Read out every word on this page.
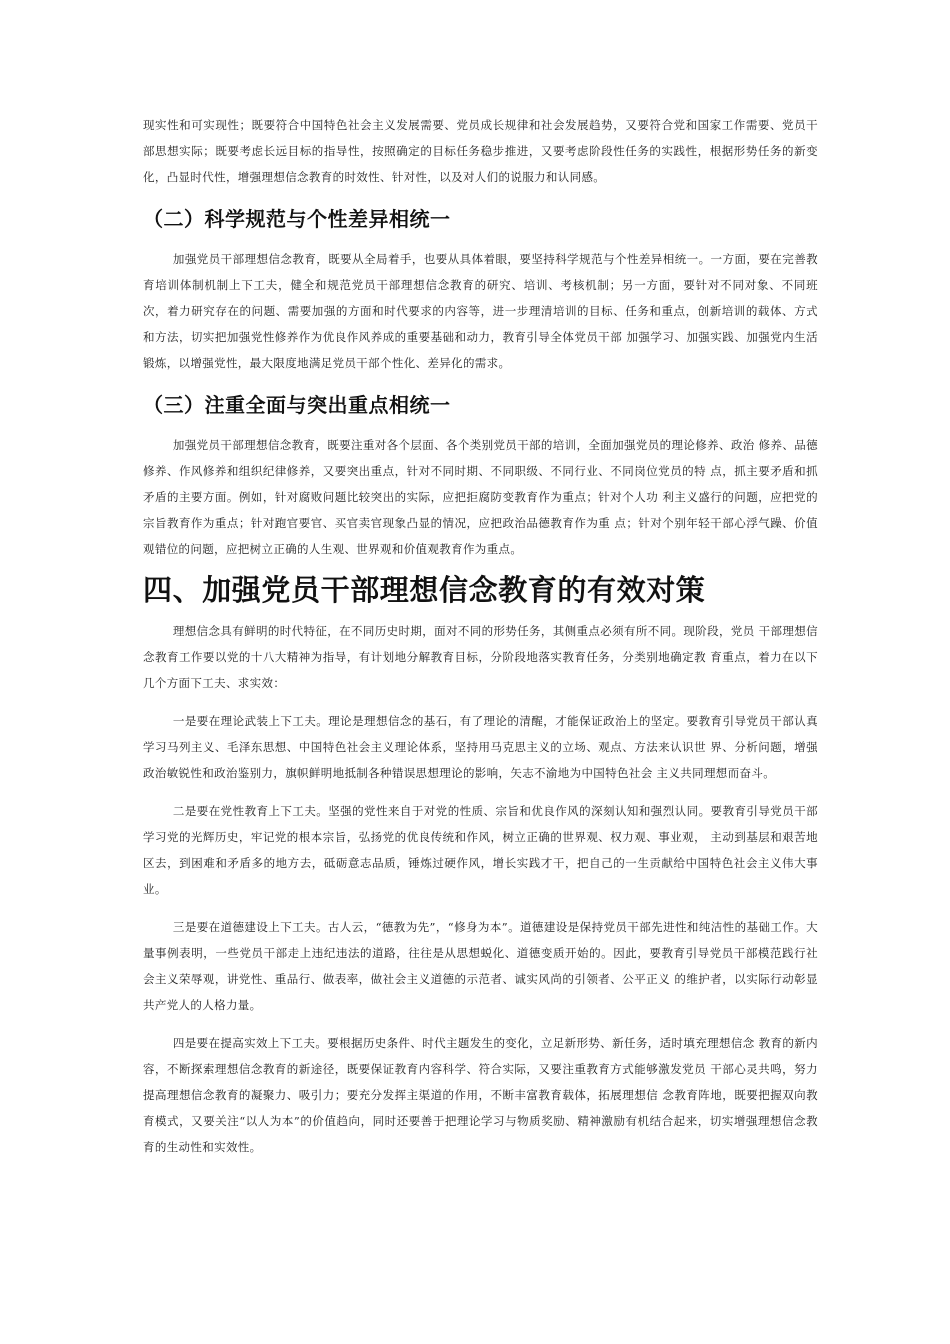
现实性和可实现性；既要符合中国特色社会主义发展需要、党员成长规律和社会发展趋势，又要符合党和国家工作需要、党员干部思想实际；既要考虑长远目标的指导性，按照确定的目标任务稳步推进，又要考虑阶段性任务的实践性，根据形势任务的新变化，凸显时代性，增强理想信念教育的时效性、针对性，以及对人们的说服力和认同感。

（二）科学规范与个性差异相统一

加强党员干部理想信念教育，既要从全局着手，也要从具体着眼，要坚持科学规范与个性差异相统一。一方面，要在完善教育培训体制机制上下工夫，健全和规范党员干部理想信念教育的研究、培训、考核机制；另一方面，要针对不同对象、不同班次，着力研究存在的问题、需要加强的方面和时代要求的内容等，进一步理清培训的目标、任务和重点，创新培训的载体、方式和方法，切实把加强党性修养作为优良作风养成的重要基础和动力，教育引导全体党员干部 加强学习、加强实践、加强党内生活锻炼，以增强党性，最大限度地满足党员干部个性化、差异化的需求。

（三）注重全面与突出重点相统一

加强党员干部理想信念教育，既要注重对各个层面、各个类别党员干部的培训，全面加强党员的理论修养、政治 修养、品德修养、作风修养和组织纪律修养，又要突出重点，针对不同时期、不同职级、不同行业、不同岗位党员的特 点，抓主要矛盾和抓矛盾的主要方面。例如，针对腐败问题比较突出的实际，应把拒腐防变教育作为重点；针对个人功 利主义盛行的问题，应把党的宗旨教育作为重点；针对跑官要官、买官卖官现象凸显的情况，应把政治品德教育作为重 点；针对个别年轻干部心浮气躁、价值观错位的问题，应把树立正确的人生观、世界观和价值观教育作为重点。

四、加强党员干部理想信念教育的有效对策

理想信念具有鲜明的时代特征，在不同历史时期，面对不同的形势任务，其侧重点必须有所不同。现阶段，党员 干部理想信念教育工作要以党的十八大精神为指导，有计划地分解教育目标，分阶段地落实教育任务，分类别地确定教 育重点，着力在以下几个方面下工夫、求实效：

一是要在理论武装上下工夫。理论是理想信念的基石，有了理论的清醒，才能保证政治上的坚定。要教育引导党员干部认真学习马列主义、毛泽东思想、中国特色社会主义理论体系，坚持用马克思主义的立场、观点、方法来认识世 界、分析问题，增强政治敏锐性和政治鉴别力，旗帜鲜明地抵制各种错误思想理论的影响，矢志不渝地为中国特色社会 主义共同理想而奋斗。

二是要在党性教育上下工夫。坚强的党性来自于对党的性质、宗旨和优良作风的深刻认知和强烈认同。要教育引导党员干部学习党的光辉历史，牢记党的根本宗旨，弘扬党的优良传统和作风，树立正确的世界观、权力观、事业观， 主动到基层和艰苦地区去，到困难和矛盾多的地方去，砥砺意志品质，锤炼过硬作风，增长实践才干，把自己的一生贡献给中国特色社会主义伟大事业。

三是要在道德建设上下工夫。古人云，“德教为先”，“修身为本”。道德建设是保持党员干部先进性和纯洁性的基础工作。大量事例表明，一些党员干部走上违纪违法的道路，往往是从思想蜕化、道德变质开始的。因此，要教育引导党员干部模范践行社会主义荣辱观，讲党性、重品行、做表率，做社会主义道德的示范者、诚实风尚的引领者、公平正义 的维护者，以实际行动彰显共产党人的人格力量。

四是要在提高实效上下工夫。要根据历史条件、时代主题发生的变化，立足新形势、新任务，适时填充理想信念 教育的新内容，不断探索理想信念教育的新途径，既要保证教育内容科学、符合实际，又要注重教育方式能够激发党员 干部心灵共鸣，努力提高理想信念教育的凝聚力、吸引力；要充分发挥主渠道的作用，不断丰富教育载体，拓展理想信 念教育阵地，既要把握双向教育模式，又要关注“以人为本”的价值趋向，同时还要善于把理论学习与物质奖励、精神激励有机结合起来，切实增强理想信念教育的生动性和实效性。
